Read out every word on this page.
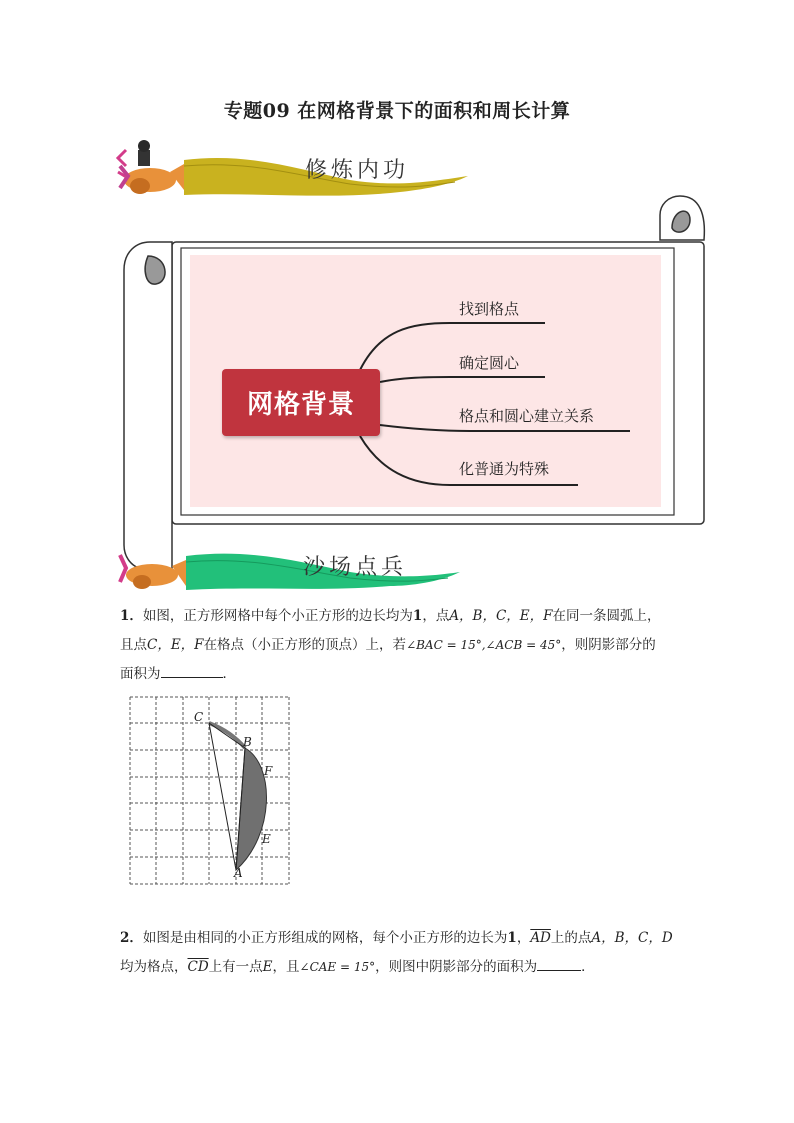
专题09 在网格背景下的面积和周长计算
修炼内功
沙场点兵
网格背景
找到格点
确定圆心
格点和圆心建立关系
化普通为特殊
1．如图，正方形网格中每个小正方形的边长均为1，点A，B，C，E，F在同一条圆弧上，
且点C，E，F在格点（小正方形的顶点）上，若∠BAC = 15°,∠ACB = 45°，则阴影部分的
面积为	．
C
B
F
E
A
2．如图是由相同的小正方形组成的网格，每个小正方形的边长为1，$\overline{AD}$上的点A，B，C，D
均为格点，$\overline{CD}$上有一点E，且∠CAE = 15°，则图中阴影部分的面积为	．
